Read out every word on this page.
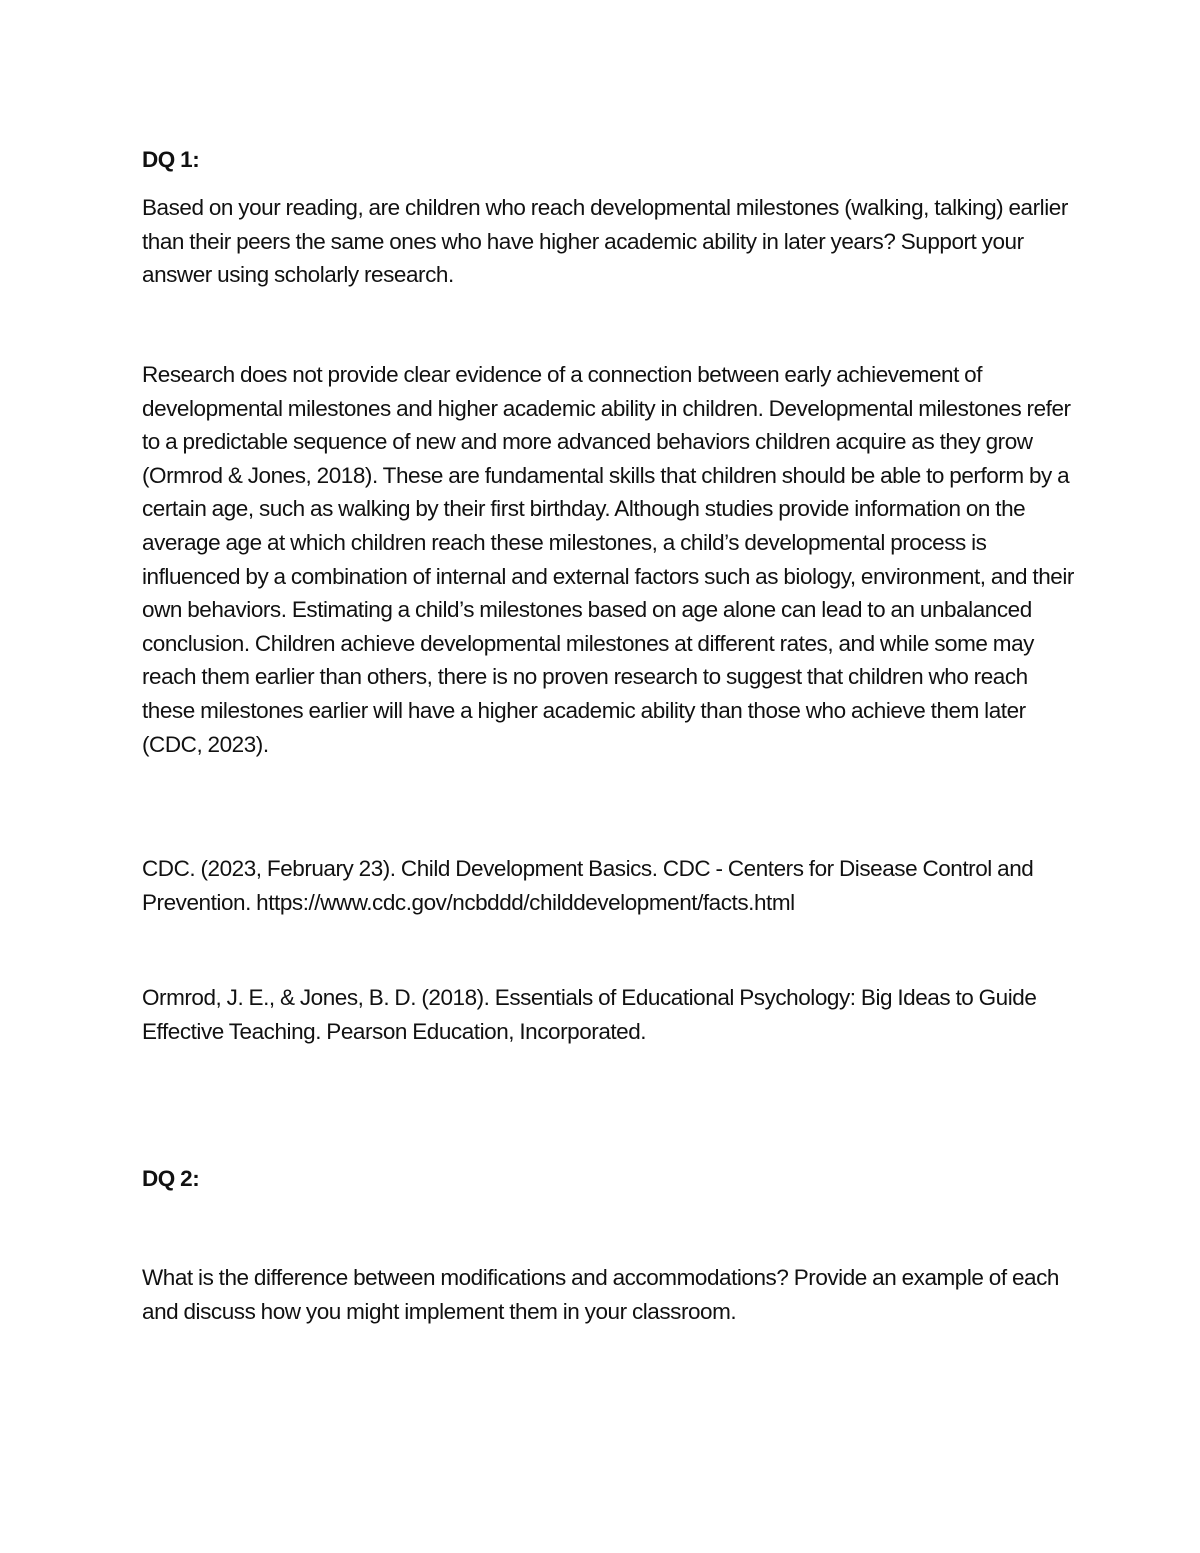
DQ 1:

Based on your reading, are children who reach developmental milestones (walking, talking) earlier than their peers the same ones who have higher academic ability in later years? Support your answer using scholarly research.

Research does not provide clear evidence of a connection between early achievement of developmental milestones and higher academic ability in children. Developmental milestones refer to a predictable sequence of new and more advanced behaviors children acquire as they grow (Ormrod & Jones, 2018). These are fundamental skills that children should be able to perform by a certain age, such as walking by their first birthday. Although studies provide information on the average age at which children reach these milestones, a child’s developmental process is influenced by a combination of internal and external factors such as biology, environment, and their own behaviors. Estimating a child’s milestones based on age alone can lead to an unbalanced conclusion. Children achieve developmental milestones at different rates, and while some may reach them earlier than others, there is no proven research to suggest that children who reach these milestones earlier will have a higher academic ability than those who achieve them later (CDC, 2023).

CDC. (2023, February 23). Child Development Basics. CDC - Centers for Disease Control and Prevention. https://www.cdc.gov/ncbddd/childdevelopment/facts.html

Ormrod, J. E., & Jones, B. D. (2018). Essentials of Educational Psychology: Big Ideas to Guide Effective Teaching. Pearson Education, Incorporated.

DQ 2:

What is the difference between modifications and accommodations? Provide an example of each and discuss how you might implement them in your classroom.
